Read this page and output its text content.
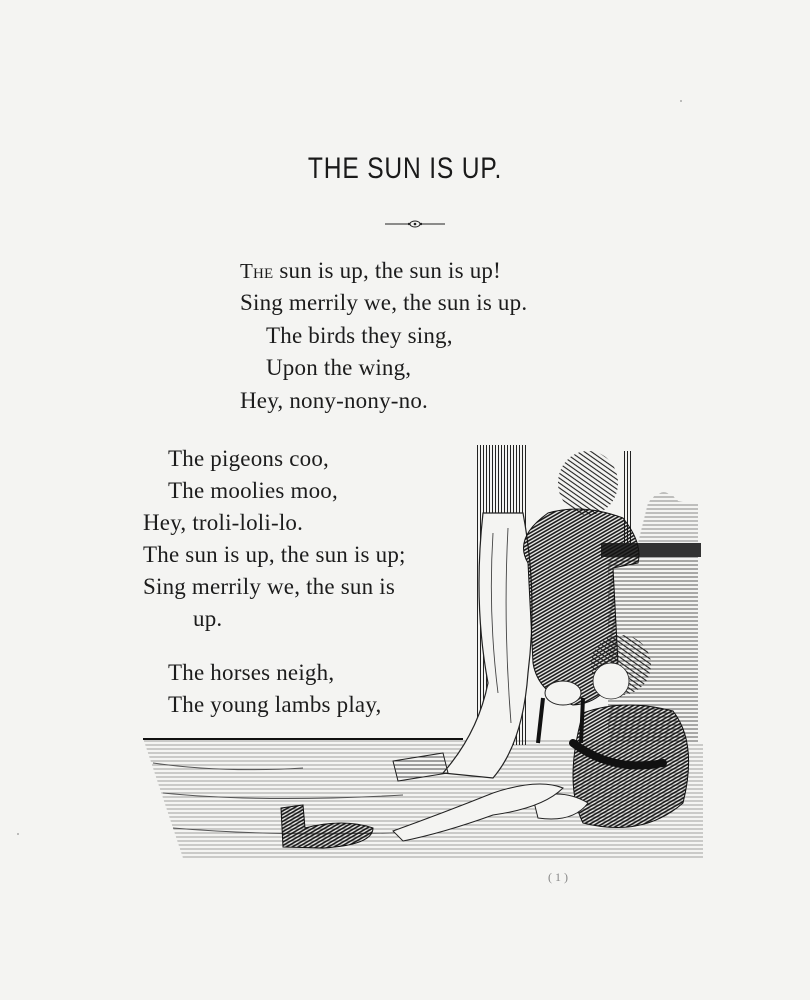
THE SUN IS UP.
The sun is up, the sun is up!
Sing merrily we, the sun is up.
The birds they sing,
Upon the wing,
Hey, nony-nony-no.
The pigeons coo,
The moolies moo,
Hey, troli-loli-lo.
The sun is up, the sun is up;
Sing merrily we, the sun is
up.
The horses neigh,
The young lambs play,
( 1 )
